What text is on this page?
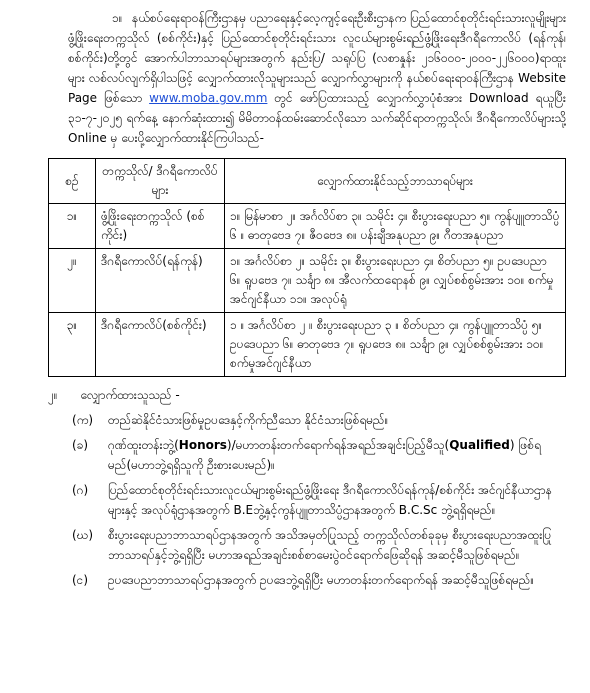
၁။ နယ်စပ်ရေးရာဝန်ကြီးဌာနမှ ပညာရေးနှင့်လေ့ကျင့်ရေးဦးစီးဌာနက ပြည်ထောင်စုတိုင်းရင်းသားလူမျိုးများဖွံ့ဖြိုးရေးတက္ကသိုလ် (စစ်ကိုင်း)နှင့် ပြည်ထောင်စုတိုင်းရင်းသား လူငယ်များစွမ်းရည်ဖွံ့ဖြိုးရေးဒီဂရီကောလိပ် (ရန်ကုန်၊ စစ်ကိုင်း)တို့တွင် အောက်ပါဘာသာရပ်များအတွက် နည်းပြ/ သရုပ်ပြ (လစာနှုန်း ၂၁၆၀၀၀-၂၀၀၀-၂၂၆၀၀၀)ရာထူးများ လစ်လပ်လျက်ရှိပါသဖြင့် လျှောက်ထားလိုသူများသည် လျှောက်လွှာများကို နယ်စပ်ရေးရာဝန်ကြီးဌာန Website Page ဖြစ်သော www.moba.gov.mm တွင် ဖော်ပြထားသည့် လျှောက်လွှာပုံစံအား Download ရယူပြီး ၃၁-၇-၂၀၂၅ ရက်နေ့ နောက်ဆုံးထား၍ မိမိတာဝန်ထမ်းဆောင်လိုသော သက်ဆိုင်ရာတက္ကသိုလ်၊ ဒီဂရီကောလိပ်များသို့ Online မှ ပေးပို့လျှောက်ထားနိုင်ကြပါသည်-
စဉ်	တက္ကသိုလ်/ ဒီဂရီကောလိပ်များ	လျှောက်ထားနိုင်သည့်ဘာသာရပ်များ
၁။	ဖွံ့ဖြိုးရေးတက္ကသိုလ် (စစ်ကိုင်း)	၁။ မြန်မာစာ ၂။ အင်္ဂလိပ်စာ ၃။ သမိုင်း ၄။ စီးပွားရေးပညာ ၅။ ကွန်ပျူတာသိပ္ပံ ၆ ။ ဓာတုဗေဒ ၇။ ဇီဝဗေဒ ၈။ ပန်းချီအနုပညာ ၉။ ဂီတအနုပညာ
၂။	ဒီဂရီကောလိပ်(ရန်ကုန်)	၁။ အင်္ဂလိပ်စာ ၂။ သမိုင်း ၃။ စီးပွားရေးပညာ ၄။ စိတ်ပညာ ၅။ ဥပဒေပညာ ၆။ ရူပဗေဒ ၇။ သင်္ချာ ၈။ အီလက်ထရောနစ် ၉။ လျှပ်စစ်စွမ်းအား ၁၀။ စက်မှုအင်ဂျင်နီယာ ၁၁။ အလုပ်ရုံ
၃။	ဒီဂရီကောလိပ်(စစ်ကိုင်း)	၁ ။ အင်္ဂလိပ်စာ ၂ ။ စီးပွားရေးပညာ ၃ ။ စိတ်ပညာ ၄။ ကွန်ပျူတာသိပ္ပံ ၅။ ဥပဒေပညာ ၆။ ဓာတုဗေဒ ၇။ ရူပဗေဒ ၈။ သင်္ချာ ၉။ လျှပ်စစ်စွမ်းအား ၁၀။ စက်မှုအင်ဂျင်နီယာ
၂။ လျှောက်ထားသူသည် -
(က) တည်ဆဲနိုင်ငံသားဖြစ်မှုဥပဒေနှင့်ကိုက်ညီသော နိုင်ငံသားဖြစ်ရမည်။
(ခ) ဂုဏ်ထူးတန်းဘွဲ့(Honors)/မဟာတန်းတက်ရောက်ရန်အရည်အချင်းပြည့်မီသူ(Qualified) ဖြစ်ရမည်(မဟာဘွဲ့ရရှိသူကို ဦးစားပေးမည်)။
(ဂ) ပြည်ထောင်စုတိုင်းရင်းသားလူငယ်များစွမ်းရည်ဖွံ့ဖြိုးရေး ဒီဂရီကောလိပ်ရန်ကုန်/စစ်ကိုင်း အင်ဂျင်နီယာဌာနများနှင့် အလုပ်ရုံဌာနအတွက် B.Eဘွဲ့နှင့်ကွန်ပျူတာသိပ္ပံဌာနအတွက် B.C.Sc ဘွဲ့ရရှိရမည်။
(ဃ) စီးပွားရေးပညာဘာသာရပ်ဌာနအတွက် အသိအမှတ်ပြုသည့် တက္ကသိုလ်တစ်ခုခုမှ စီးပွားရေးပညာအထူးပြုဘာသာရပ်နှင့်ဘွဲ့ရရှိပြီး မဟာအရည်အချင်းစစ်စာမေးပွဲဝင်ရောက်ဖြေဆိုရန် အဆင့်မီသူဖြစ်ရမည်။
(င) ဥပဒေပညာဘာသာရပ်ဌာနအတွက် ဥပဒေဘွဲ့ရရှိပြီး မဟာတန်းတက်ရောက်ရန် အဆင့်မီသူဖြစ်ရမည်။
